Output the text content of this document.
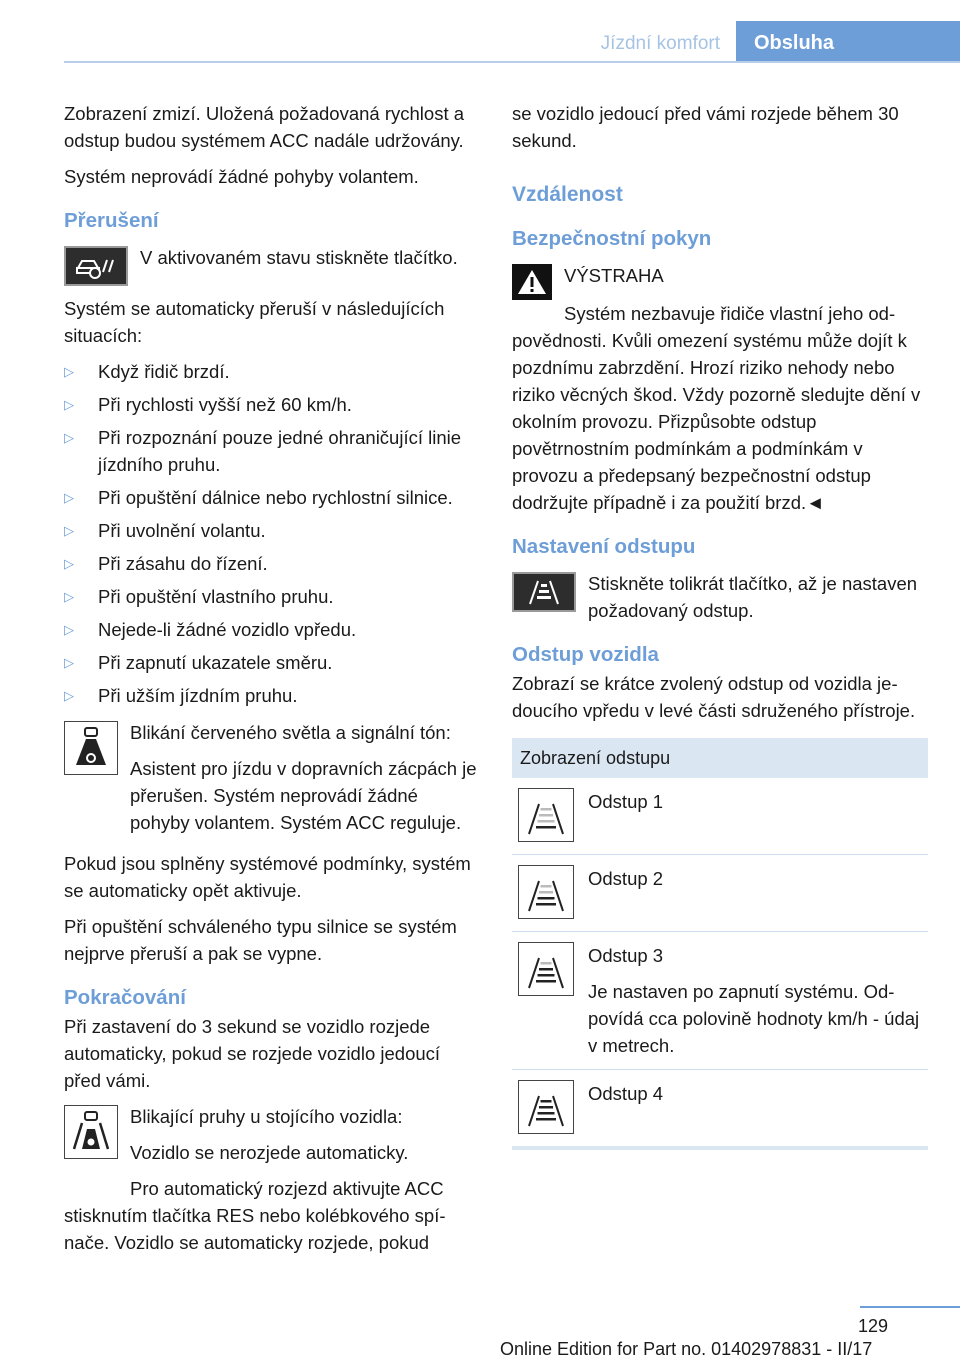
Jízdní komfort	Obsluha

Zobrazení zmizí. Uložená požadovaná rychlost a odstup budou systémem ACC nadále udržovány.

Systém neprovádí žádné pohyby volantem.

Přerušení
V aktivovaném stavu stiskněte tlačítko.

Systém se automaticky přeruší v následujících situacích:

▷ Když řidič brzdí.
▷ Při rychlosti vyšší než 60 km/h.
▷ Při rozpoznání pouze jedné ohraničující linie jízdního pruhu.
▷ Při opuštění dálnice nebo rychlostní silnice.
▷ Při uvolnění volantu.
▷ Při zásahu do řízení.
▷ Při opuštění vlastního pruhu.
▷ Nejede-li žádné vozidlo vpředu.
▷ Při zapnutí ukazatele směru.
▷ Při užším jízdním pruhu.
Blikání červeného světla a signální tón:
Asistent pro jízdu v dopravních zácpách je přerušen. Systém neprovádí žádné pohyby volantem. Systém ACC reguluje.

Pokud jsou splněny systémové podmínky, systém se automaticky opět aktivuje.

Při opuštění schváleného typu silnice se systém nejprve přeruší a pak se vypne.

Pokračování

Při zastavení do 3 sekund se vozidlo rozjede automaticky, pokud se rozjede vozidlo jedoucí před vámi.

Blikající pruhy u stojícího vozidla:
Vozidlo se nerozjede automaticky.

Pro automatický rozjezd aktivujte ACC stisknutím tlačítka RES nebo kolébkového spínače. Vozidlo se automaticky rozjede, pokud

se vozidlo jedoucí před vámi rozjede během 30 sekund.

Vzdálenost
Bezpečnostní pokyn
VÝSTRAHA

Systém nezbavuje řidiče vlastní jeho odpovědnosti. Kvůli omezení systému může dojít k pozdnímu zabrzdění. Hrozí riziko nehody nebo riziko věcných škod. Vždy pozorně sledujte dění v okolním provozu. Přizpůsobte odstup povětrnostním podmínkám a podmínkám v provozu a předepsaný bezpečnostní odstup dodržujte případně i za použití brzd.◄

Nastavení odstupu
Stiskněte tolikrát tlačítko, až je nastaven požadovaný odstup.
Odstup vozidla

Zobrazí se krátce zvolený odstup od vozidla jedoucího vpředu v levé části sdruženého přístroje.

Zobrazení odstupu
Odstup 1
Odstup 2
Odstup 3
Je nastaven po zapnutí systému. Odpovídá cca polovině hodnoty km/h - údaj v metrech.
Odstup 4
129
Online Edition for Part no. 01402978831 - II/17
